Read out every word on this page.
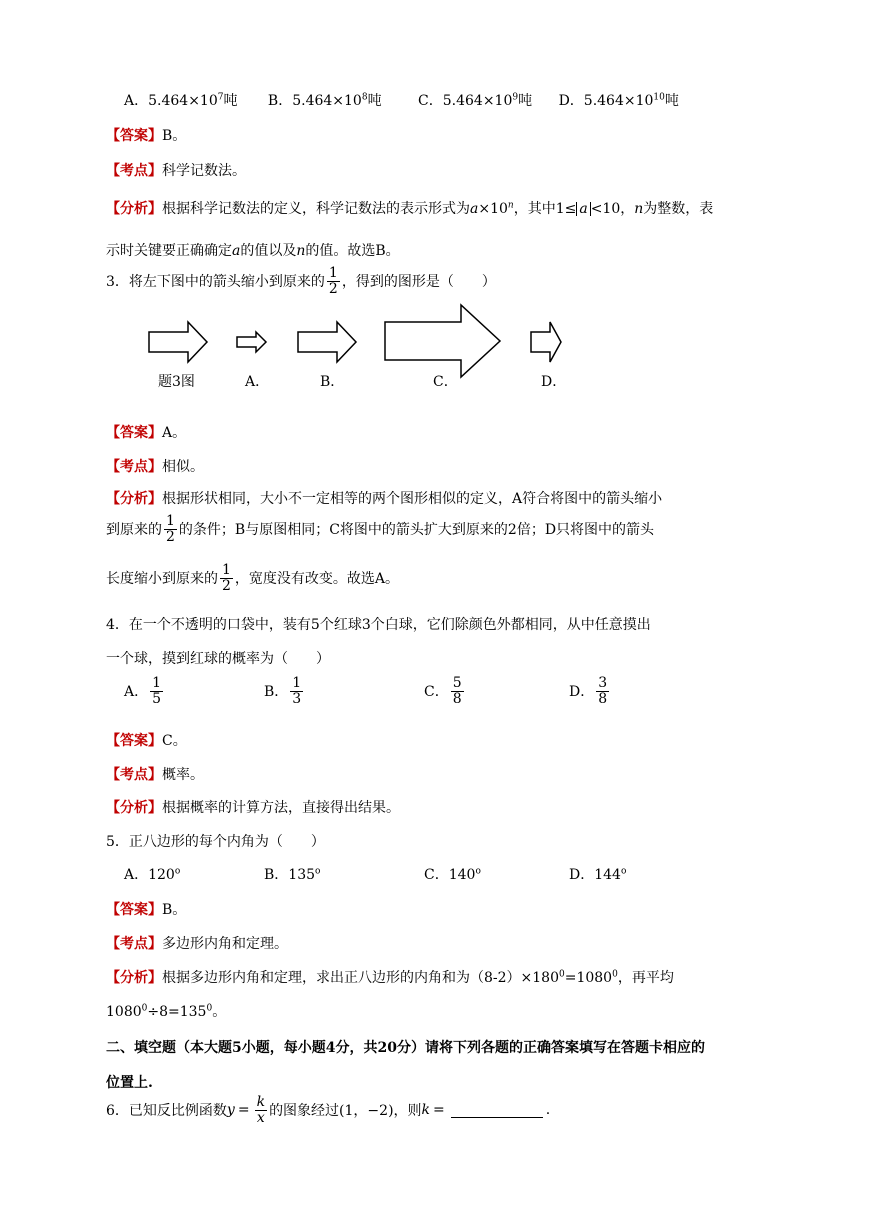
A．$5.464\times 10^7$吨 B．$5.464\times 10^8$吨	C．$5.464\times 10^9$吨 D．$5.464\times 10^{10}$吨
【答案】B。
【考点】科学记数法。
【分析】根据科学记数法的定义，科学记数法的表示形式为$a\times 10^n$，其中1≤ a <10，n为整数，表
示时关键要正确确定a的值以及n的值。故选B。
3．将左下图中的箭头缩小到原来的 $\frac{1}{2}$ ，得到的图形是（　　）
题3图	A．	B．	C．	D．
【答案】A。
【考点】相似。
【分析】根据形状相同，大小不一定相等的两个图形相似的定义，A符合将图中的箭头缩小
到原来的 $\frac{1}{2}$ 的条件；B与原图相同；C将图中的箭头扩大到原来的2倍；D只将图中的箭头
长度缩小到原来的 $\frac{1}{2}$ ，宽度没有改变。故选A。
4．在一个不透明的口袋中，装有5个红球3个白球，它们除颜色外都相同，从中任意摸出
一个球，摸到红球的概率为（　　）
A． $\frac{1}{5}$	B． $\frac{1}{3}$	C． $\frac{5}{8}$	D． $\frac{3}{8}$
【答案】C。
【考点】概率。
【分析】根据概率的计算方法，直接得出结果。
5．正八边形的每个内角为（　　）
A．120$^o$	B．135$^o$	C．140$^o$	D．144$^o$
【答案】B。
【考点】多边形内角和定理。
【分析】根据多边形内角和定理，求出正八边形的内角和为$(8-2)\times 180^0=1080^0$，再平均
$1080^0\div 8=135^0$。
二、填空题（本大题5小题，每小题4分，共20分）请将下列各题的正确答案填写在答题卡相应的
位置上.
6．已知反比例函数$y = \frac{k}{x}$ 的图象经过(1，−2)，则k =	.
